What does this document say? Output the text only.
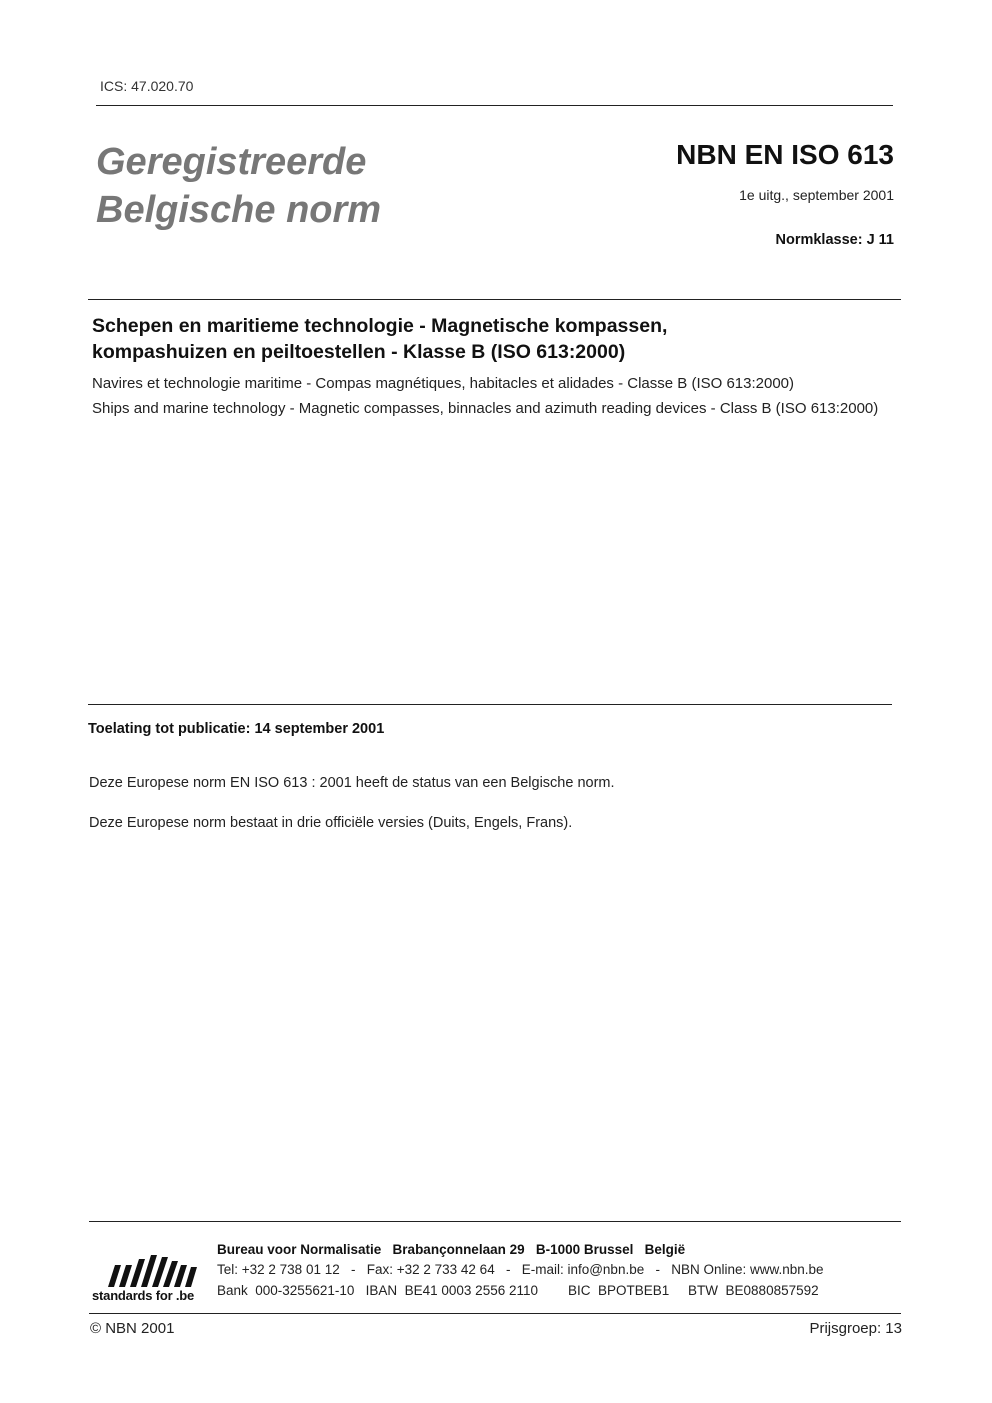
ICS: 47.020.70
Geregistreerde
Belgische norm
NBN EN ISO 613
1e uitg., september 2001
Normklasse: J 11
Schepen en maritieme technologie - Magnetische kompassen,
kompashuizen en peiltoestellen - Klasse B (ISO 613:2000)
Navires et technologie maritime - Compas magnétiques, habitacles et alidades - Classe B (ISO 613:2000)
Ships and marine technology - Magnetic compasses, binnacles and azimuth reading devices - Class B (ISO 613:2000)
Toelating tot publicatie: 14 september 2001
Deze Europese norm EN ISO 613 : 2001 heeft de status van een Belgische norm.
Deze Europese norm bestaat in drie officiële versies (Duits, Engels, Frans).
standards for .be
Bureau voor Normalisatie   Brabançonnelaan 29   B-1000 Brussel   België
Tel: +32 2 738 01 12   -   Fax: +32 2 733 42 64   -   E-mail: info@nbn.be   -   NBN Online: www.nbn.be
Bank  000-3255621-10   IBAN  BE41 0003 2556 2110        BIC  BPOTBEB1     BTW  BE0880857592
© NBN 2001	Prijsgroep: 13
